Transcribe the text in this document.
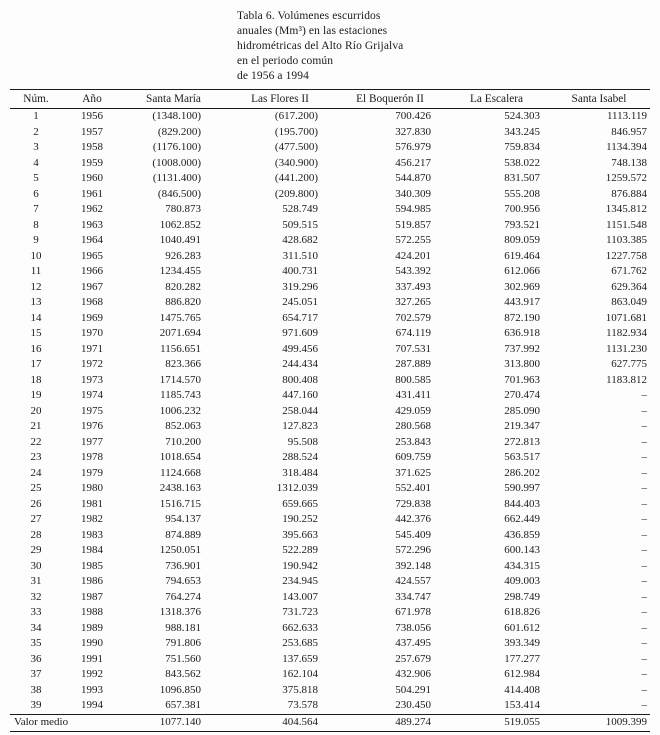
Tabla 6. Volúmenes escurridos
anuales (Mm³) en las estaciones
hidrométricas del Alto Río Grijalva
en el periodo común
de 1956 a 1994
Núm.	Año	Santa María	Las Flores II	El Boquerón II	La Escalera	Santa Isabel
1	1956	(1348.100)	(617.200)	700.426	524.303	1113.119
2	1957	(829.200)	(195.700)	327.830	343.245	846.957
3	1958	(1176.100)	(477.500)	576.979	759.834	1134.394
4	1959	(1008.000)	(340.900)	456.217	538.022	748.138
5	1960	(1131.400)	(441.200)	544.870	831.507	1259.572
6	1961	(846.500)	(209.800)	340.309	555.208	876.884
7	1962	780.873	528.749	594.985	700.956	1345.812
8	1963	1062.852	509.515	519.857	793.521	1151.548
9	1964	1040.491	428.682	572.255	809.059	1103.385
10	1965	926.283	311.510	424.201	619.464	1227.758
11	1966	1234.455	400.731	543.392	612.066	671.762
12	1967	820.282	319.296	337.493	302.969	629.364
13	1968	886.820	245.051	327.265	443.917	863.049
14	1969	1475.765	654.717	702.579	872.190	1071.681
15	1970	2071.694	971.609	674.119	636.918	1182.934
16	1971	1156.651	499.456	707.531	737.992	1131.230
17	1972	823.366	244.434	287.889	313.800	627.775
18	1973	1714.570	800.408	800.585	701.963	1183.812
19	1974	1185.743	447.160	431.411	270.474	–
20	1975	1006.232	258.044	429.059	285.090	–
21	1976	852.063	127.823	280.568	219.347	–
22	1977	710.200	95.508	253.843	272.813	–
23	1978	1018.654	288.524	609.759	563.517	–
24	1979	1124.668	318.484	371.625	286.202	–
25	1980	2438.163	1312.039	552.401	590.997	–
26	1981	1516.715	659.665	729.838	844.403	–
27	1982	954.137	190.252	442.376	662.449	–
28	1983	874.889	395.663	545.409	436.859	–
29	1984	1250.051	522.289	572.296	600.143	–
30	1985	736.901	190.942	392.148	434.315	–
31	1986	794.653	234.945	424.557	409.003	–
32	1987	764.274	143.007	334.747	298.749	–
33	1988	1318.376	731.723	671.978	618.826	–
34	1989	988.181	662.633	738.056	601.612	–
35	1990	791.806	253.685	437.495	393.349	–
36	1991	751.560	137.659	257.679	177.277	–
37	1992	843.562	162.104	432.906	612.984	–
38	1993	1096.850	375.818	504.291	414.408	–
39	1994	657.381	73.578	230.450	153.414	–
Valor medio		1077.140	404.564	489.274	519.055	1009.399
